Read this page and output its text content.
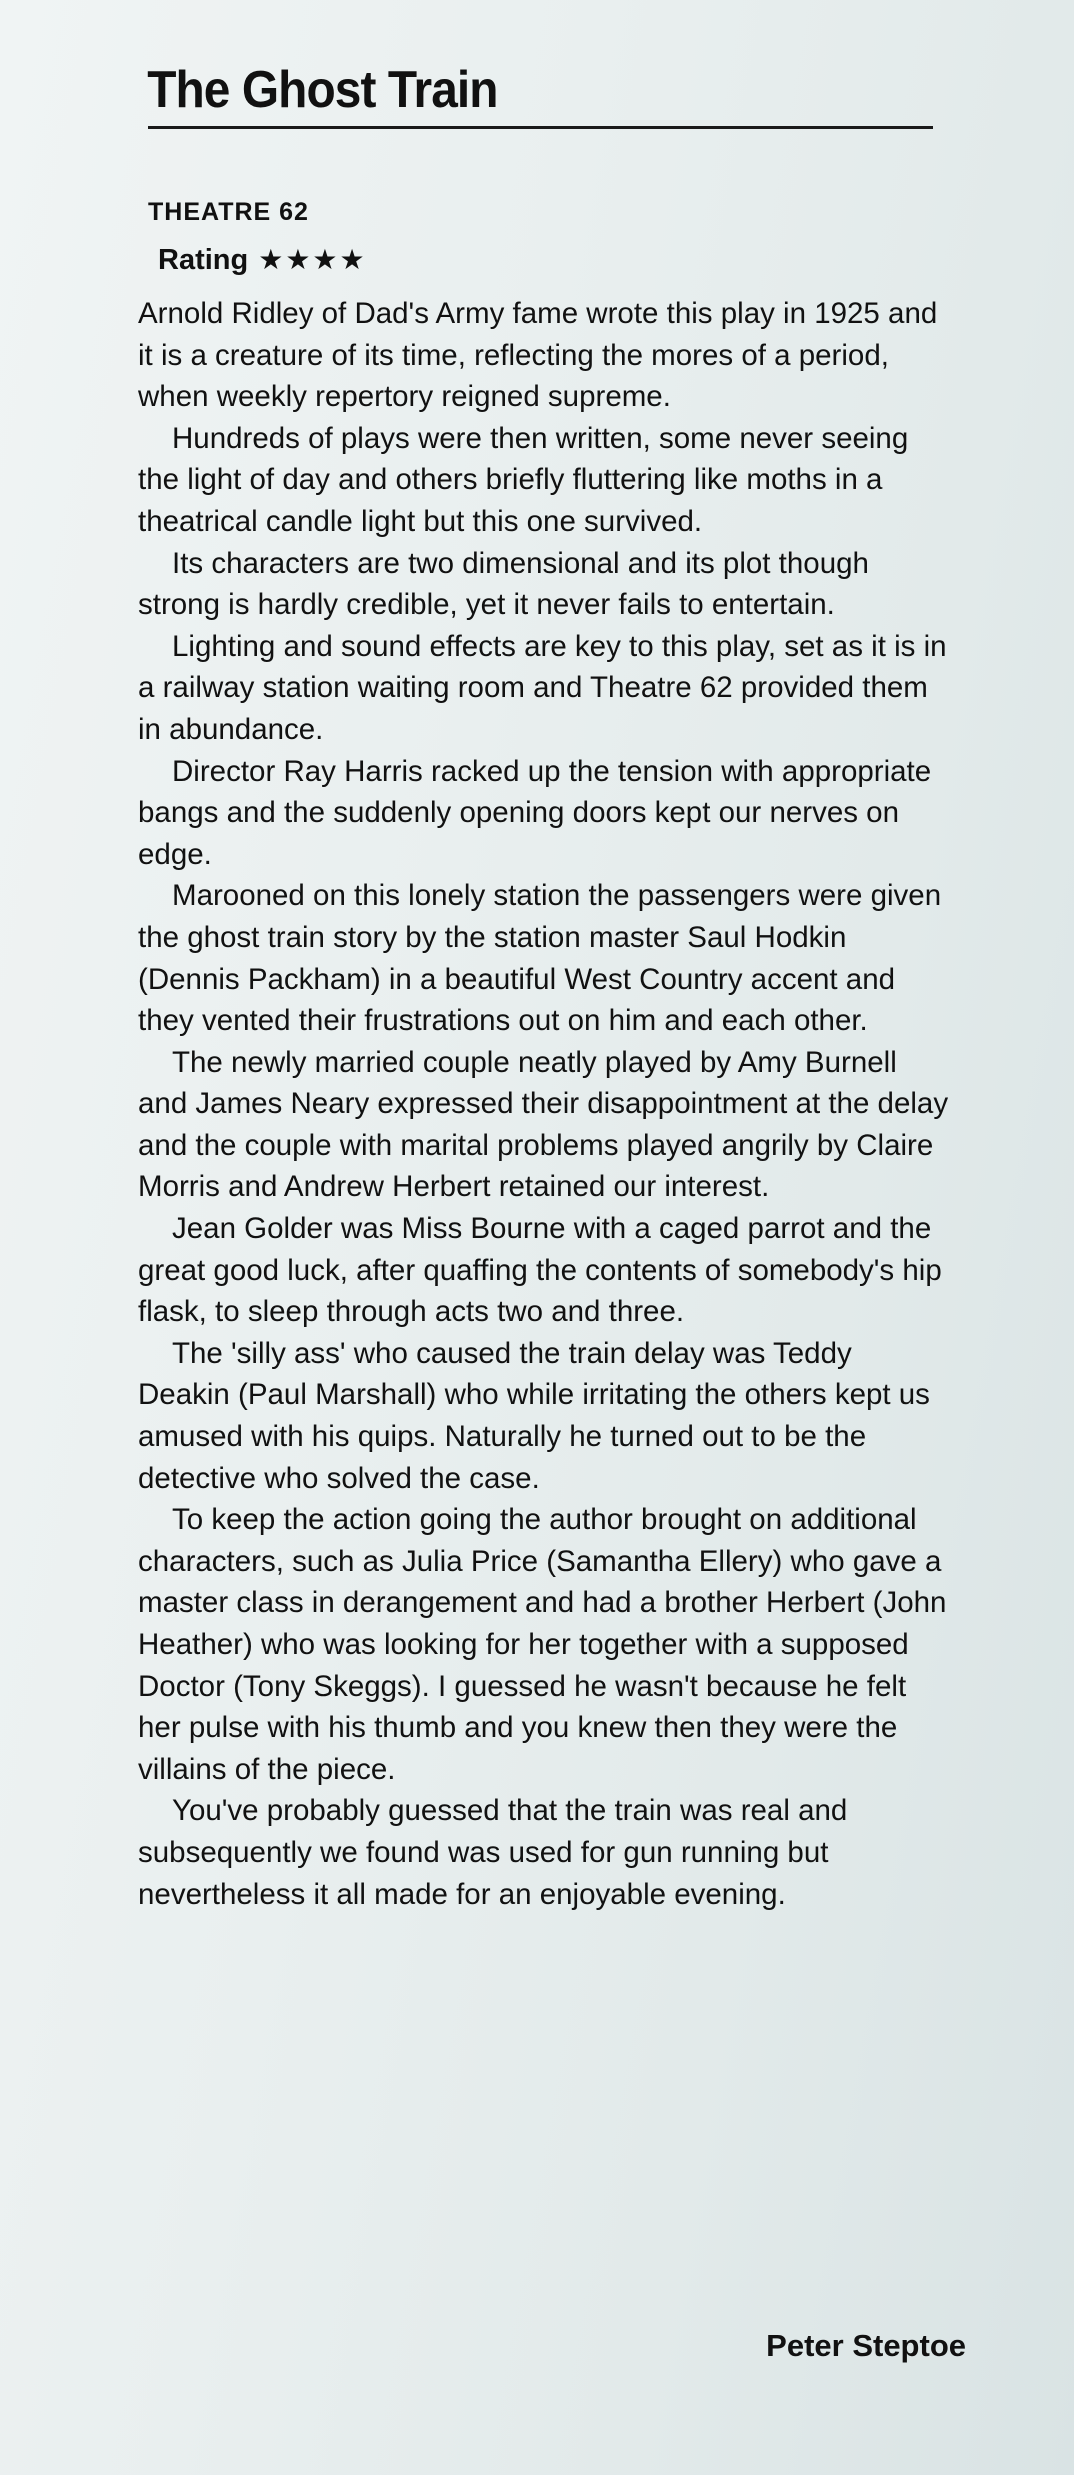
The Ghost Train
THEATRE 62
Rating ★★★★

Arnold Ridley of Dad's Army fame wrote this play in 1925 and it is a creature of its time, reflecting the mores of a period, when weekly repertory reigned supreme.

Hundreds of plays were then written, some never seeing the light of day and others briefly fluttering like moths in a theatrical candle light but this one survived.

Its characters are two dimensional and its plot though strong is hardly credible, yet it never fails to entertain.

Lighting and sound effects are key to this play, set as it is in a railway station waiting room and Theatre 62 provided them in abundance.

Director Ray Harris racked up the tension with appropriate bangs and the suddenly opening doors kept our nerves on edge.

Marooned on this lonely station the passengers were given the ghost train story by the station master Saul Hodkin (Dennis Packham) in a beautiful West Country accent and they vented their frustrations out on him and each other.

The newly married couple neatly played by Amy Burnell and James Neary expressed their disappointment at the delay and the couple with marital problems played angrily by Claire Morris and Andrew Herbert retained our interest.

Jean Golder was Miss Bourne with a caged parrot and the great good luck, after quaffing the contents of somebody's hip flask, to sleep through acts two and three.

The 'silly ass' who caused the train delay was Teddy Deakin (Paul Marshall) who while irritating the others kept us amused with his quips. Naturally he turned out to be the detective who solved the case.

To keep the action going the author brought on additional characters, such as Julia Price (Samantha Ellery) who gave a master class in derangement and had a brother Herbert (John Heather) who was looking for her together with a supposed Doctor (Tony Skeggs). I guessed he wasn't because he felt her pulse with his thumb and you knew then they were the villains of the piece.

You've probably guessed that the train was real and subsequently we found was used for gun running but nevertheless it all made for an enjoyable evening.

Peter Steptoe
